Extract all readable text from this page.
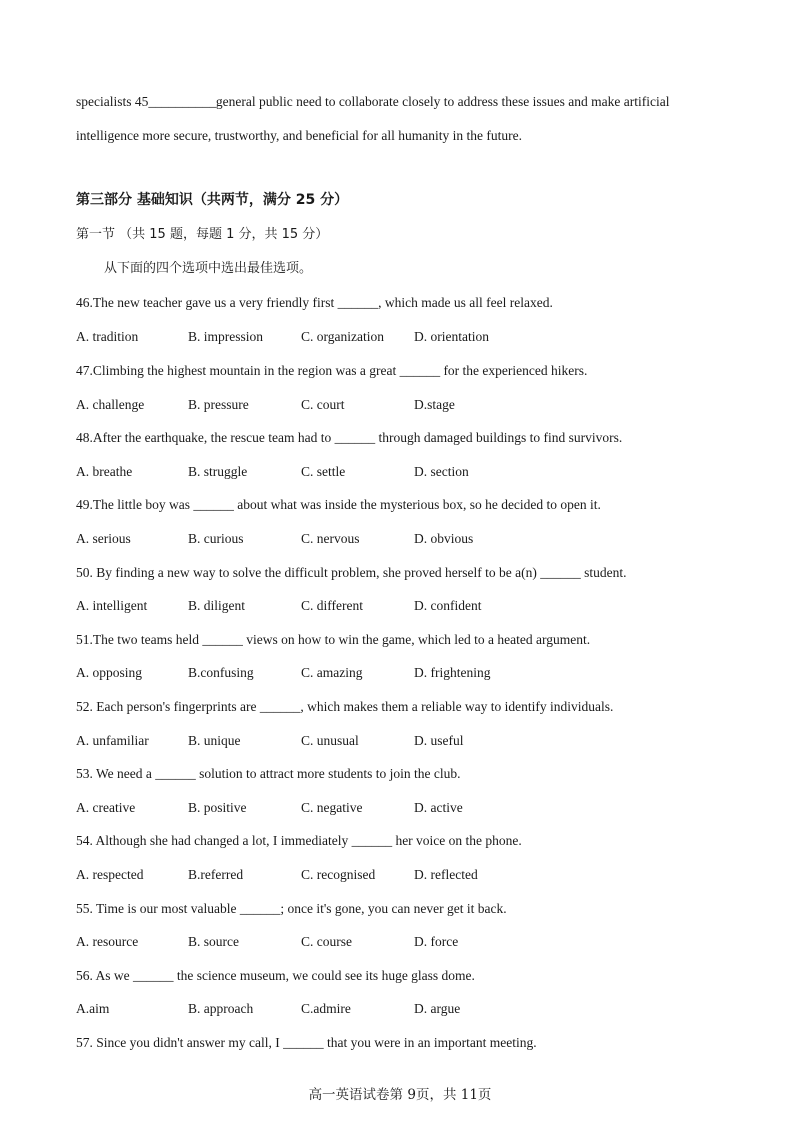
specialists 45__________general public need to collaborate closely to address these issues and make artificial
intelligence more secure, trustworthy, and beneficial for all humanity in the future.
第三部分 基础知识（共两节，满分 25 分）
第一节 （共 15 题，每题 1 分，共 15 分）
从下面的四个选项中选出最佳选项。
46.The new teacher gave us a very friendly first ______, which made us all feel relaxed.
A. tradition	B. impression	C. organization D. orientation
47.Climbing the highest mountain in the region was a great ______ for the experienced hikers.
A. challenge	B. pressure	C. court	D.stage
48.After the earthquake, the rescue team had to ______ through damaged buildings to find survivors.
A. breathe	B. struggle	C. settle	D. section
49.The little boy was ______ about what was inside the mysterious box, so he decided to open it.
A. serious	B. curious	C. nervous	D. obvious
50. By finding a new way to solve the difficult problem, she proved herself to be a(n) ______ student.
A. intelligent	B. diligent	C. different	D. confident
51.The two teams held ______ views on how to win the game, which led to a heated argument.
A. opposing	B.confusing	C. amazing	D. frightening
52. Each person's fingerprints are ______, which makes them a reliable way to identify individuals.
A. unfamiliar	B. unique	C. unusual	D. useful
53. We need a ______ solution to attract more students to join the club.
A. creative	B. positive	C. negative	D. active
54. Although she had changed a lot, I immediately ______ her voice on the phone.
A. respected	B.referred	C. recognised	D. reflected
55. Time is our most valuable ______; once it's gone, you can never get it back.
A. resource	B. source	C. course	D. force
56. As we ______ the science museum, we could see its huge glass dome.
A.aim	B. approach	C.admire	D. argue
57. Since you didn't answer my call, I ______ that you were in an important meeting.
高一英语试卷第 9页，共 11页
